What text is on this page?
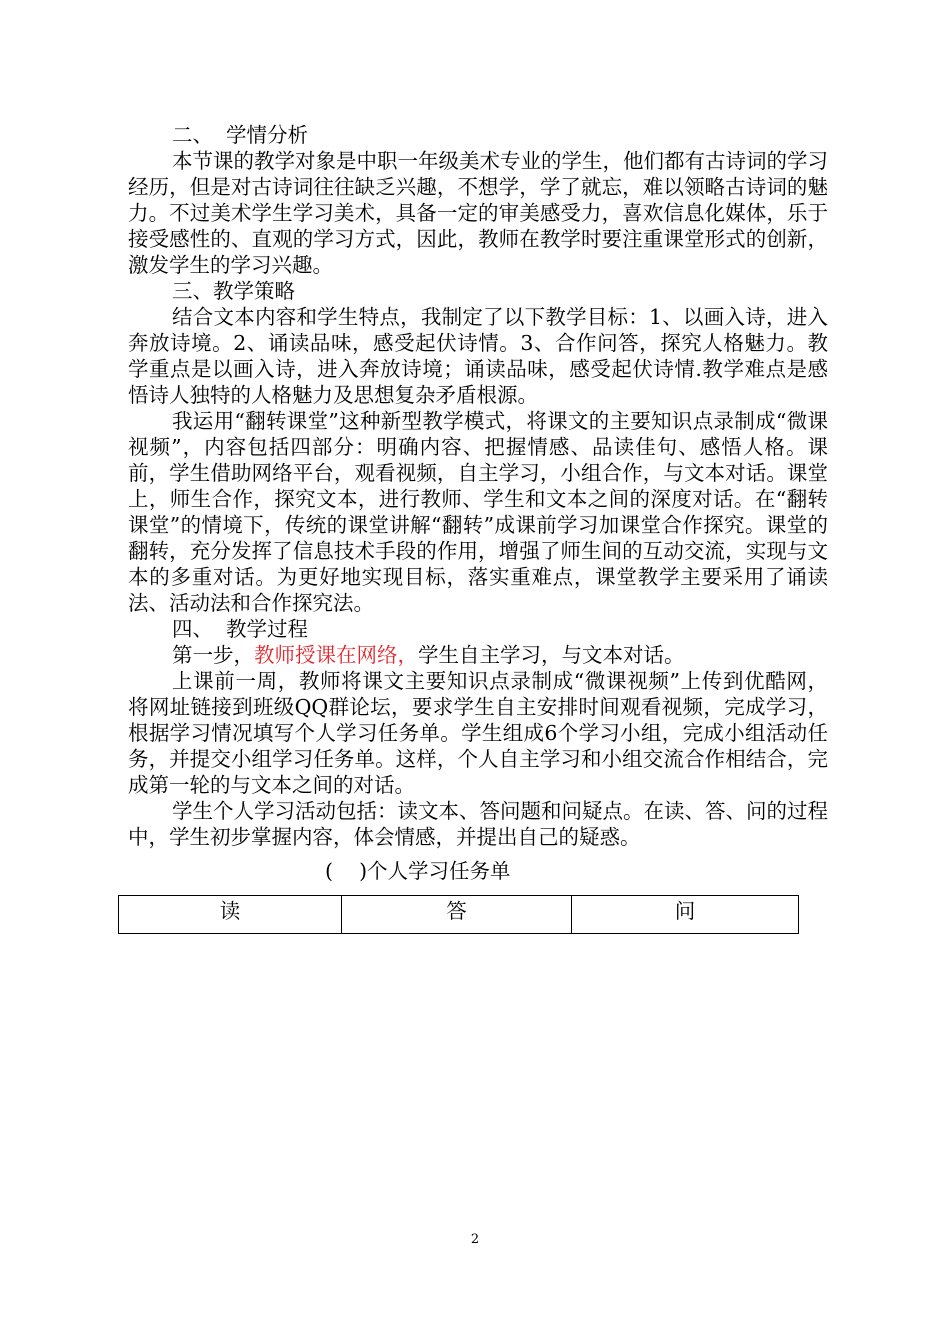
二、  学情分析

本节课的教学对象是中职一年级美术专业的学生，他们都有古诗词的学习经历，但是对古诗词往往缺乏兴趣，不想学，学了就忘，难以领略古诗词的魅力。不过美术学生学习美术，具备一定的审美感受力，喜欢信息化媒体，乐于接受感性的、直观的学习方式，因此，教师在教学时要注重课堂形式的创新，激发学生的学习兴趣。

三、教学策略

结合文本内容和学生特点，我制定了以下教学目标：1、以画入诗，进入奔放诗境。2、诵读品味，感受起伏诗情。3、合作问答，探究人格魅力。教学重点是以画入诗，进入奔放诗境；诵读品味，感受起伏诗情.教学难点是感悟诗人独特的人格魅力及思想复杂矛盾根源。

我运用“翻转课堂”这种新型教学模式，将课文的主要知识点录制成“微课视频”，内容包括四部分：明确内容、把握情感、品读佳句、感悟人格。课前，学生借助网络平台，观看视频，自主学习，小组合作，与文本对话。课堂上，师生合作，探究文本，进行教师、学生和文本之间的深度对话。在“翻转课堂”的情境下，传统的课堂讲解“翻转”成课前学习加课堂合作探究。课堂的翻转，充分发挥了信息技术手段的作用，增强了师生间的互动交流，实现与文本的多重对话。为更好地实现目标，落实重难点，课堂教学主要采用了诵读法、活动法和合作探究法。

四、  教学过程

第一步，教师授课在网络，学生自主学习，与文本对话。

上课前一周，教师将课文主要知识点录制成“微课视频”上传到优酷网，将网址链接到班级QQ群论坛，要求学生自主安排时间观看视频，完成学习，根据学习情况填写个人学习任务单。学生组成6个学习小组，完成小组活动任务，并提交小组学习任务单。这样，个人自主学习和小组交流合作相结合，完成第一轮的与文本之间的对话。

学生个人学习活动包括：读文本、答问题和问疑点。在读、答、问的过程中，学生初步掌握内容，体会情感，并提出自己的疑惑。

(    )个人学习任务单
读	答	问
2
